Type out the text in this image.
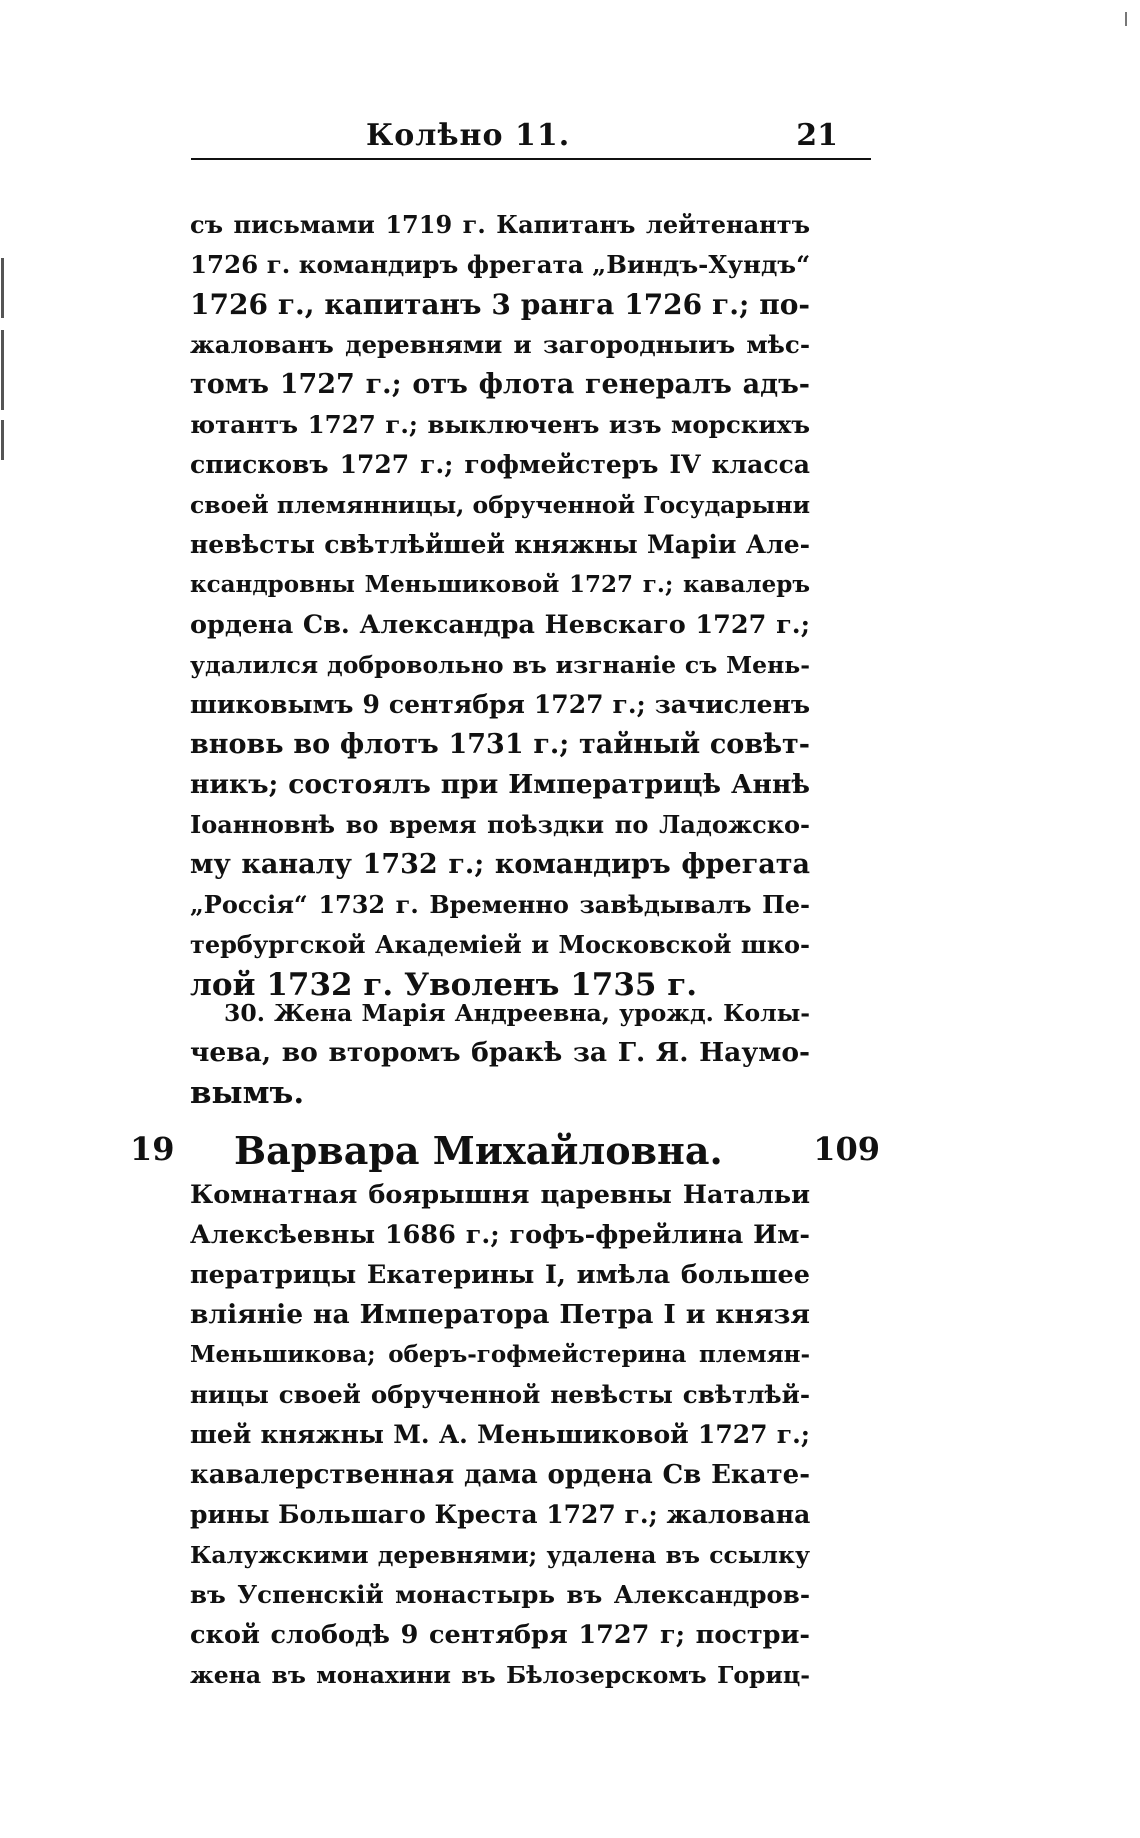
Колѣно 11.	21
съ письмами 1719 г. Капитанъ лейтенантъ
1726 г. командиръ фрегата „Виндъ-Хундъ“
1726 г., капитанъ 3 ранга 1726 г.; по-
жалованъ деревнями и загородныиъ мѣс-
томъ 1727 г.; отъ флота генералъ адъ-
ютантъ 1727 г.; выключенъ изъ морскихъ
списковъ 1727 г.; гофмейстеръ IV класса
своей племянницы, обрученной Государыни
невѣсты свѣтлѣйшей княжны Маріи Але-
ксандровны Меньшиковой 1727 г.; кавалеръ
ордена Св. Александра Невскаго 1727 г.;
удалился добровольно въ изгнаніе съ Мень-
шиковымъ 9 сентября 1727 г.; зачисленъ
вновь во флотъ 1731 г.; тайный совѣт-
никъ; состоялъ при Императрицѣ Аннѣ
Іоанновнѣ во время поѣздки по Ладожско-
му каналу 1732 г.; командиръ фрегата
„Россія“ 1732 г. Временно завѣдывалъ Пе-
тербургской Академіей и Московской шко-
лой 1732 г. Уволенъ 1735 г.
30. Жена Марія Андреевна, урожд. Колы-
чева, во второмъ бракѣ за Г. Я. Наумо-
вымъ.
19 Варвара Михайловна.	109
Комнатная боярышня царевны Натальи
Алексѣевны 1686 г.; гофъ-фрейлина Им-
ператрицы Екатерины I, имѣла большее
вліяніе на Императора Петра I и князя
Меньшикова; оберъ-гофмейстерина племян-
ницы своей обрученной невѣсты свѣтлѣй-
шей княжны М. А. Меньшиковой 1727 г.;
кавалерственная дама ордена Св Екате-
рины Большаго Креста 1727 г.; жалована
Калужскими деревнями; удалена въ ссылку
въ Успенскій монастырь въ Александров-
ской слободѣ 9 сентября 1727 г; постри-
жена въ монахини въ Бѣлозерскомъ Гориц-
